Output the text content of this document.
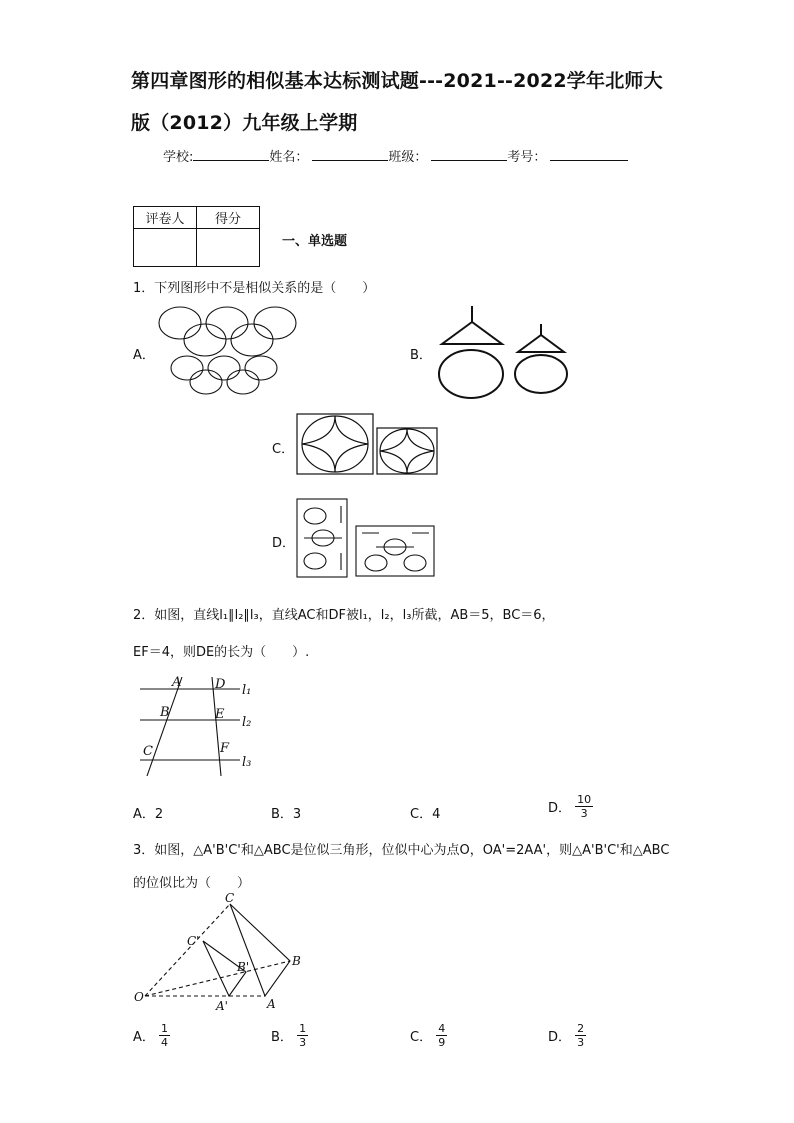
第四章图形的相似基本达标测试题---2021--2022学年北师大
版（2012）九年级上学期
学校:	姓名：	班级：	考号：
评卷人	得分

一、单选题
1．下列图形中不是相似关系的是（　　）
A．	B．
C．
D．
2．如图，直线l₁∥l₂∥l₃，直线AC和DF被l₁，l₂，l₃所截，AB＝5，BC＝6，
EF＝4，则DE的长为（　　）.
A	D l₁
B	E
l₂
C	F
l₃
A．2	B．3	C．4	D． $\frac{10}{3}$
3．如图，△A'B'C'和△ABC是位似三角形，位似中心为点O，OA'=2AA'，则△A'B'C'和△ABC
的位似比为（　　）
O	A
B
C
A'
B'
C'
A． $\frac{1}{4}$	B． $\frac{1}{3}$	C． $\frac{4}{9}$	D． $\frac{2}{3}$
